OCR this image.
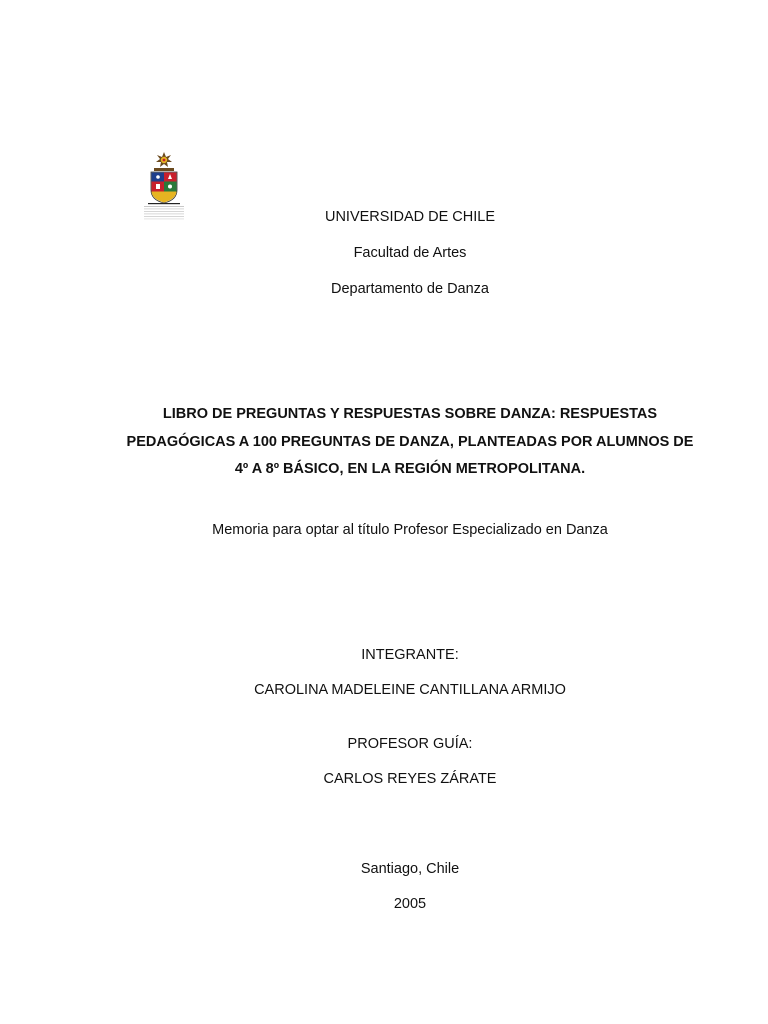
UNIVERSIDAD DE CHILE

Facultad de Artes

Departamento de Danza

LIBRO DE PREGUNTAS Y RESPUESTAS SOBRE DANZA: RESPUESTAS PEDAGÓGICAS A 100 PREGUNTAS DE DANZA, PLANTEADAS POR ALUMNOS DE 4º A 8º BÁSICO, EN LA REGIÓN METROPOLITANA.

Memoria para optar al título Profesor Especializado en Danza

INTEGRANTE:

CAROLINA MADELEINE CANTILLANA ARMIJO

PROFESOR GUÍA:

CARLOS REYES ZÁRATE

Santiago, Chile

2005
